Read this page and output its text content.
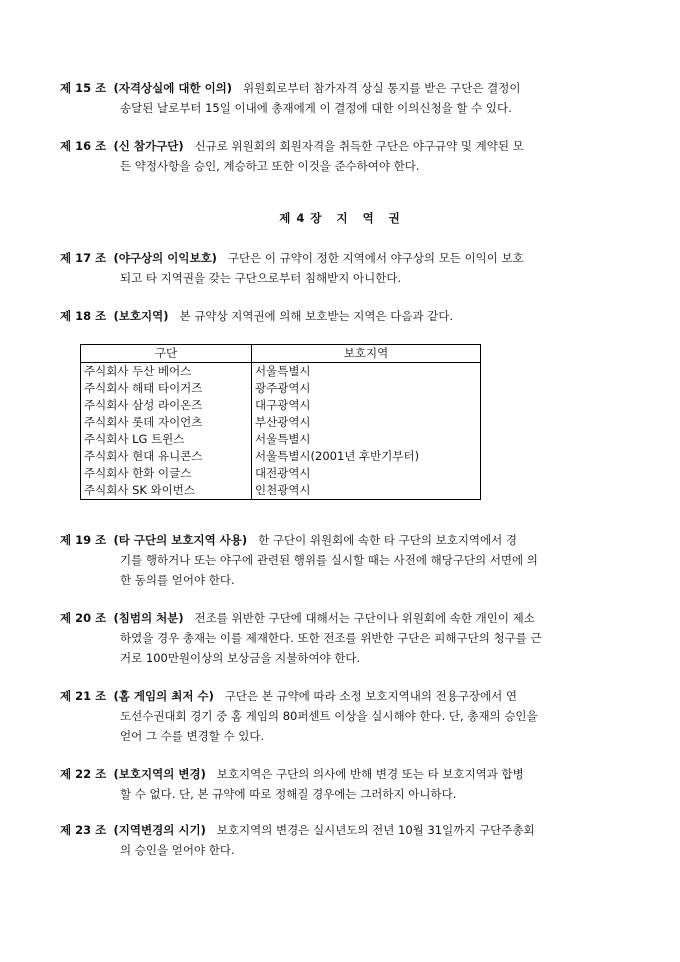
제 15 조 (자격상실에 대한 이의) 위원회로부터 참가자격 상실 통지를 받은 구단은 결정이

송달된 날로부터 15일 이내에 총재에게 이 결정에 대한 이의신청을 할 수 있다.

제 16 조 (신 참가구단) 신규로 위원회의 회원자격을 취득한 구단은 야구규약 및 계약된 모

든 약정사항을 승인, 계승하고 또한 이것을 준수하여야 한다.

제 4 장 지 역 권

제 17 조 (야구상의 이익보호) 구단은 이 규약이 정한 지역에서 야구상의 모든 이익이 보호

되고 타 지역권을 갖는 구단으로부터 침해받지 아니한다.

제 18 조 (보호지역) 본 규약상 지역권에 의해 보호받는 지역은 다음과 같다.

구단	보호지역
주식회사 두산 베어스	서울특별시
주식회사 해태 타이거즈	광주광역시
주식회사 삼성 라이온즈	대구광역시
주식회사 롯데 자이언츠	부산광역시
주식회사 LG 트윈스	서울특별시
주식회사 현대 유니콘스	서울특별시(2001년 후반기부터)
주식회사 한화 이글스	대전광역시
주식회사 SK 와이번스	인천광역시

제 19 조 (타 구단의 보호지역 사용) 한 구단이 위원회에 속한 타 구단의 보호지역에서 경

기를 행하거나 또는 야구에 관련된 행위를 실시할 때는 사전에 해당구단의 서면에 의

한 동의를 얻어야 한다.

제 20 조 (침범의 처분) 전조를 위반한 구단에 대해서는 구단이나 위원회에 속한 개인이 제소

하였을 경우 총재는 이를 제재한다. 또한 전조를 위반한 구단은 피해구단의 청구를 근

거로 100만원이상의 보상금을 지불하여야 한다.

제 21 조 (홈 게임의 최저 수) 구단은 본 규약에 따라 소정 보호지역내의 전용구장에서 연

도선수권대회 경기 중 홈 게임의 80퍼센트 이상을 실시해야 한다. 단, 총재의 승인을

얻어 그 수를 변경할 수 있다.

제 22 조 (보호지역의 변경) 보호지역은 구단의 의사에 반해 변경 또는 타 보호지역과 합병

할 수 없다. 단, 본 규약에 따로 정해질 경우에는 그러하지 아니하다.

제 23 조 (지역변경의 시기) 보호지역의 변경은 실시년도의 전년 10월 31일까지 구단주총회

의 승인을 얻어야 한다.
